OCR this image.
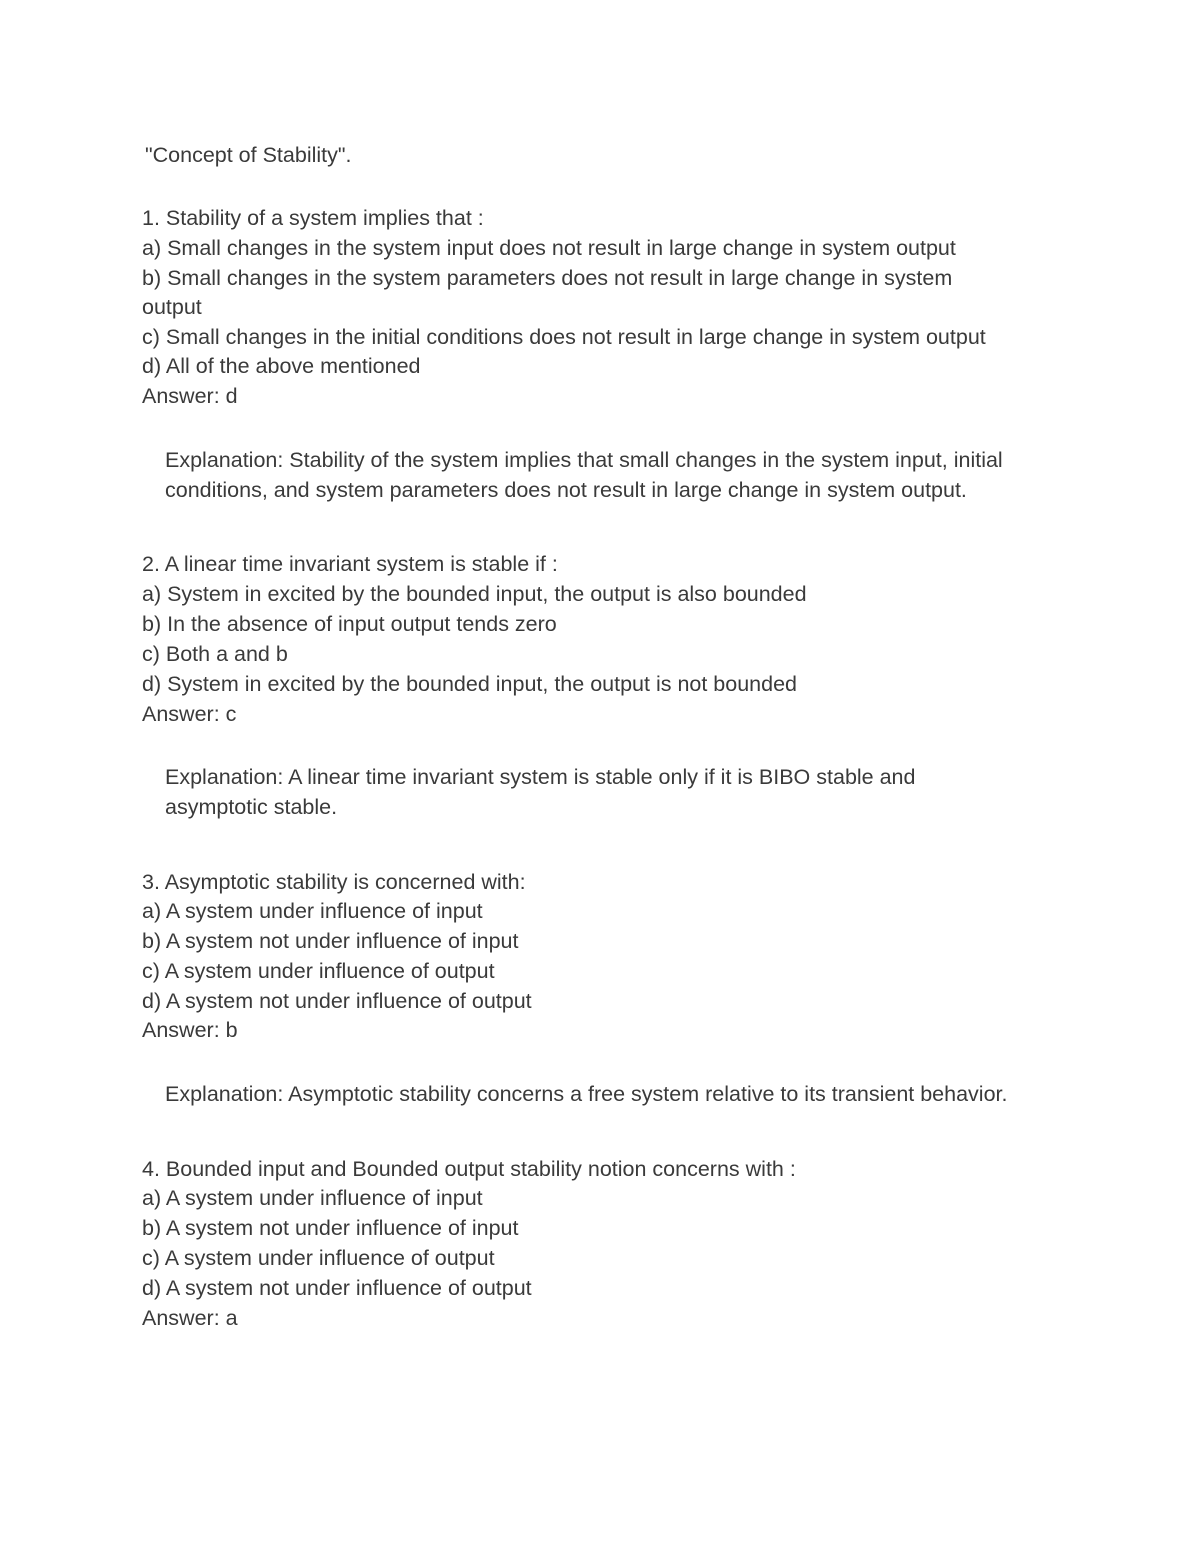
"Concept of Stability".
1. Stability of a system implies that :
a) Small changes in the system input does not result in large change in system output
b) Small changes in the system parameters does not result in large change in system
output
c) Small changes in the initial conditions does not result in large change in system output
d) All of the above mentioned
Answer: d
Explanation: Stability of the system implies that small changes in the system input, initial
conditions, and system parameters does not result in large change in system output.
2. A linear time invariant system is stable if :
a) System in excited by the bounded input, the output is also bounded
b) In the absence of input output tends zero
c) Both a and b
d) System in excited by the bounded input, the output is not bounded
Answer: c
Explanation: A linear time invariant system is stable only if it is BIBO stable and
asymptotic stable.
3. Asymptotic stability is concerned with:
a) A system under influence of input
b) A system not under influence of input
c) A system under influence of output
d) A system not under influence of output
Answer: b
Explanation: Asymptotic stability concerns a free system relative to its transient behavior.
4. Bounded input and Bounded output stability notion concerns with :
a) A system under influence of input
b) A system not under influence of input
c) A system under influence of output
d) A system not under influence of output
Answer: a
